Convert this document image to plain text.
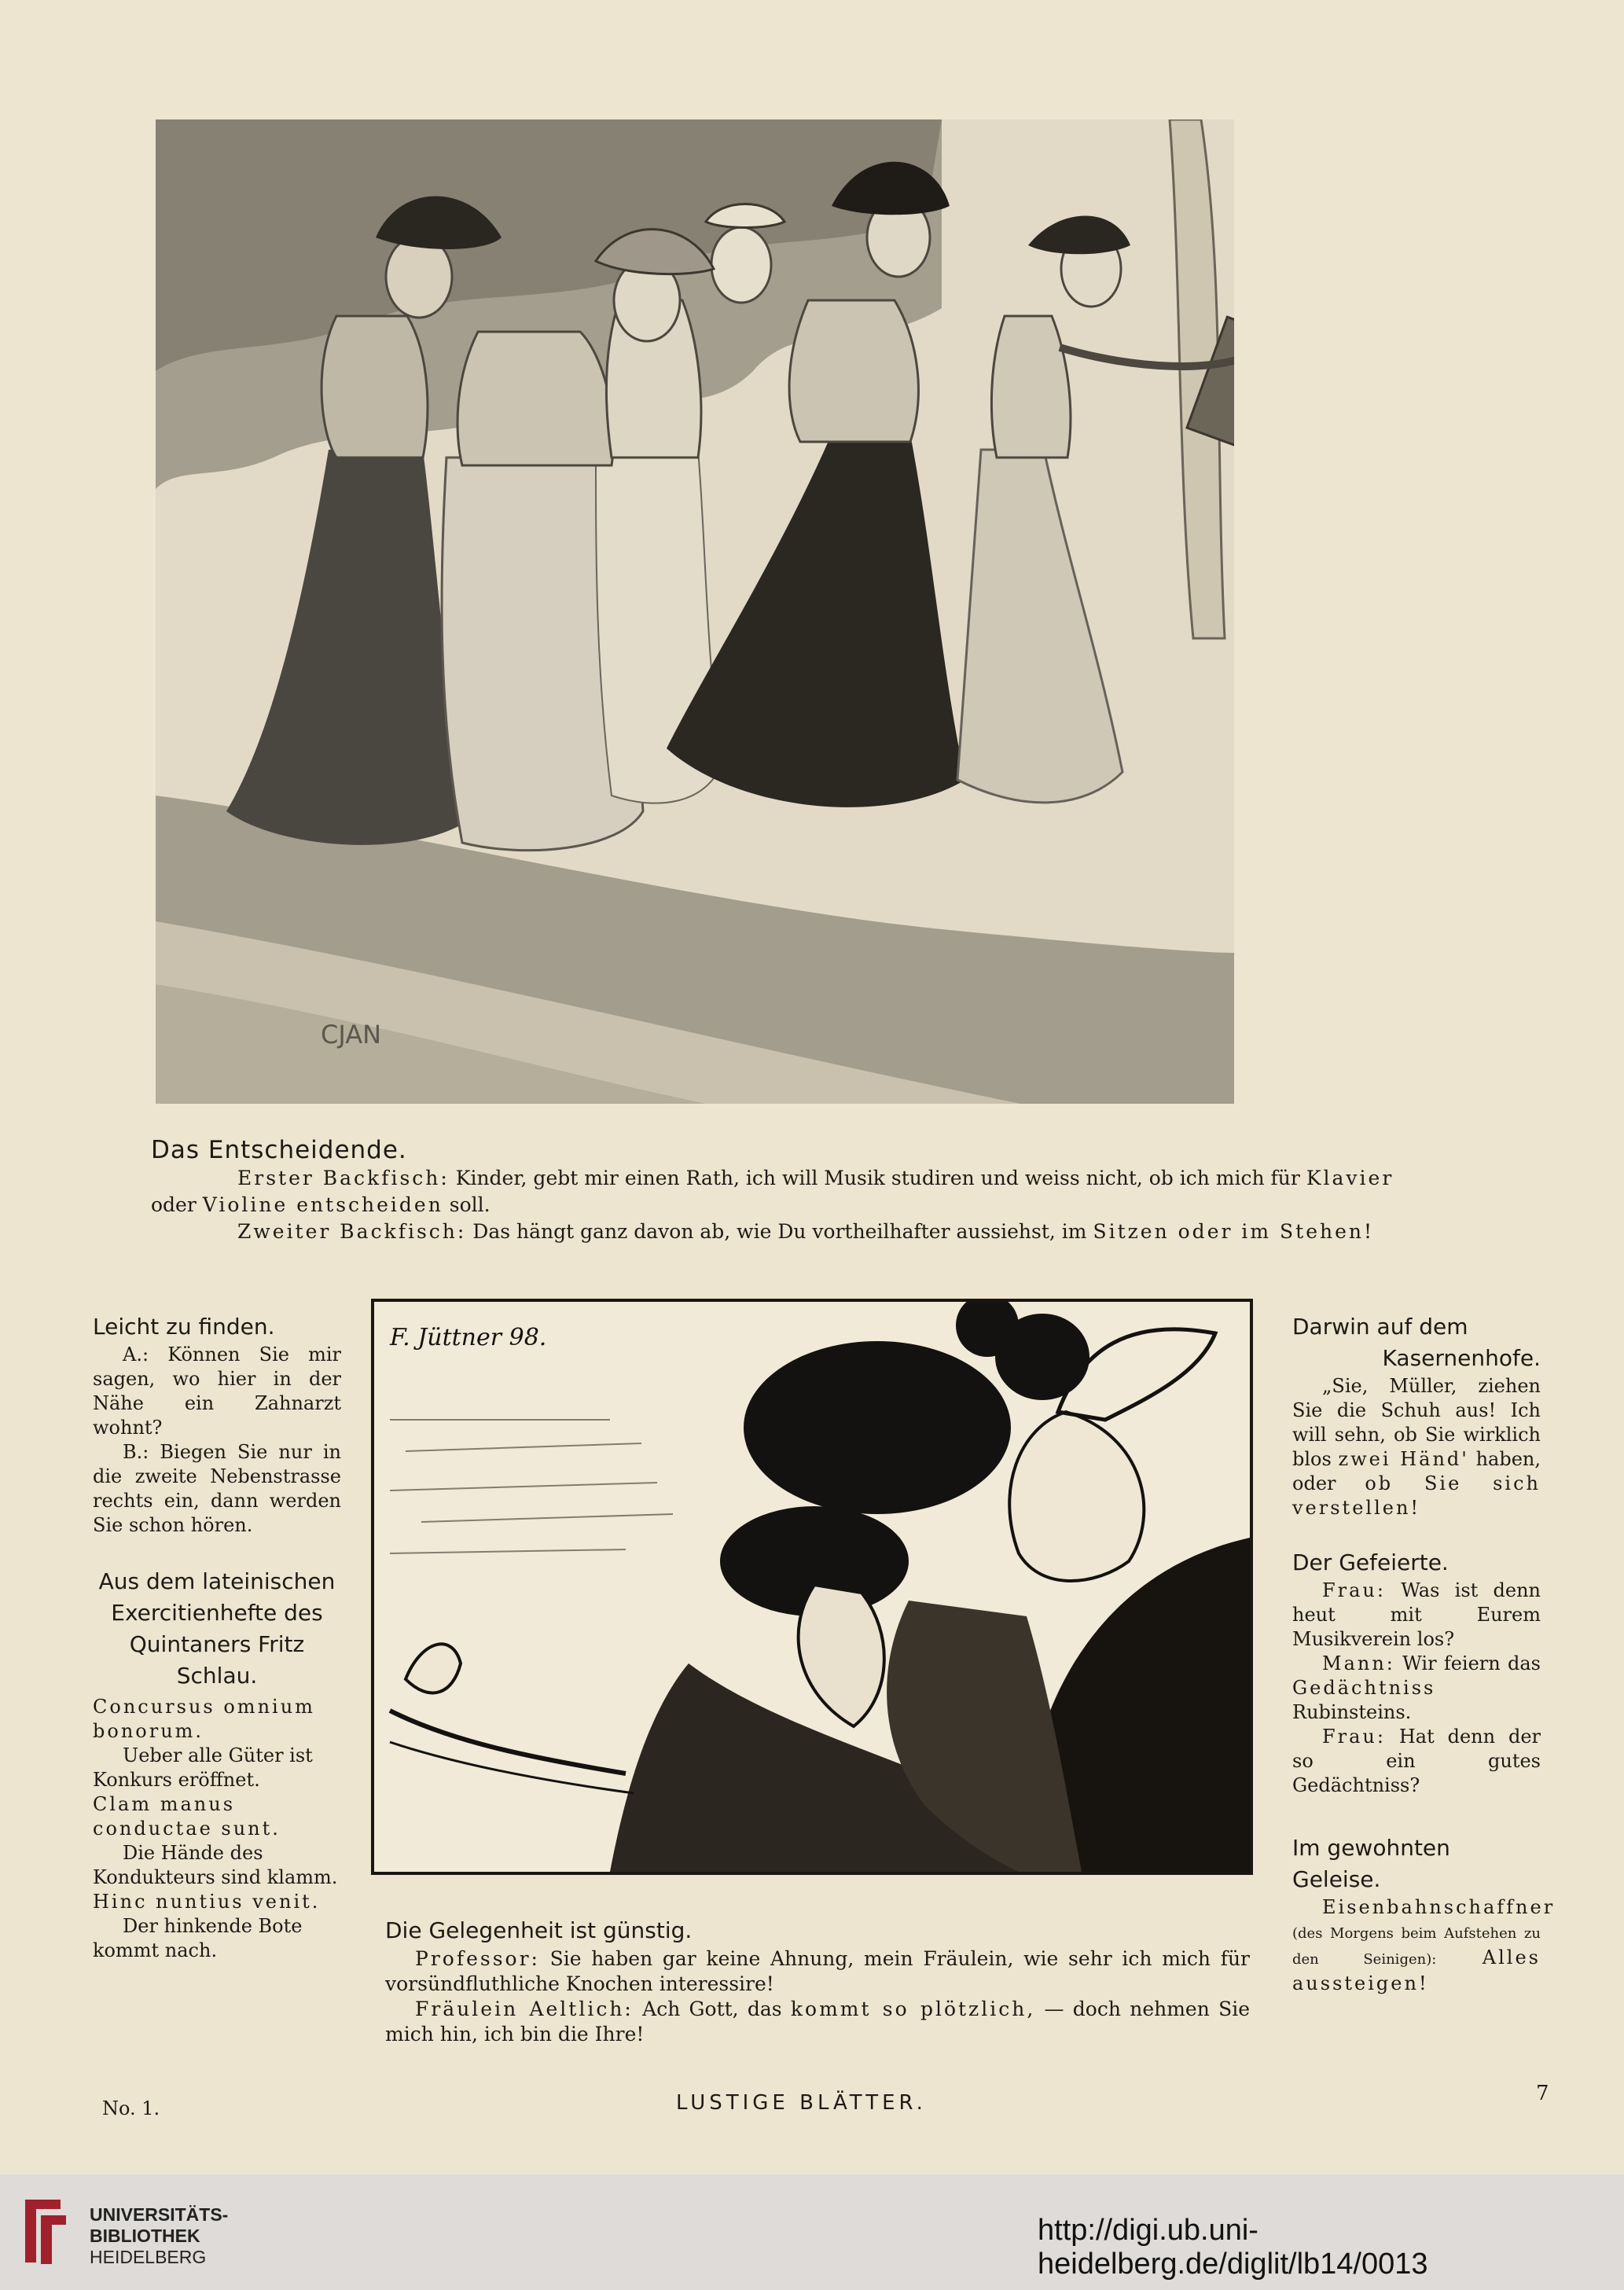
CJAN
Das Entscheidende.
Erster Backfisch: Kinder, gebt mir einen Rath, ich will Musik studiren und weiss nicht, ob ich mich für Klavier
oder Violine entscheiden soll.
Zweiter Backfisch: Das hängt ganz davon ab, wie Du vortheilhafter aussiehst, im Sitzen oder im Stehen!
Leicht zu finden.

A.: Können Sie mir sagen, wo hier in der Nähe ein Zahnarzt wohnt?

B.: Biegen Sie nur in die zweite Nebenstrasse rechts ein, dann werden Sie schon hören.

Aus dem lateinischen
Exercitienhefte des
Quintaners Fritz Schlau.

Concursus omnium bonorum.

Ueber alle Güter ist Konkurs eröffnet.

Clam manus conductae sunt.

Die Hände des Kondukteurs sind klamm.

Hinc nuntius venit.

Der hinkende Bote kommt nach.

F. Jüttner 98.
Die Gelegenheit ist günstig.

Professor: Sie haben gar keine Ahnung, mein Fräulein, wie sehr ich mich für vorsündfluthliche Knochen interessire!

Fräulein Aeltlich: Ach Gott, das kommt so plötzlich, — doch nehmen Sie mich hin, ich bin die Ihre!

Darwin auf dem
Kasernenhofe.

„Sie, Müller, ziehen Sie die Schuh aus! Ich will sehn, ob Sie wirklich blos zwei Händ' haben, oder ob Sie sich verstellen!

Der Gefeierte.

Frau: Was ist denn heut mit Eurem Musikverein los?

Mann: Wir feiern das Gedächtniss Rubinsteins.

Frau: Hat denn der so ein gutes Gedächtniss?

Im gewohnten Geleise.

Eisenbahnschaffner (des Morgens beim Aufstehen zu den Seinigen): Alles aussteigen!

No. 1.	LUSTIGE BLÄTTER.	7
UNIVERSITÄTS-
BIBLIOTHEK
HEIDELBERG
http://digi.ub.uni-heidelberg.de/diglit/lb14/0013
